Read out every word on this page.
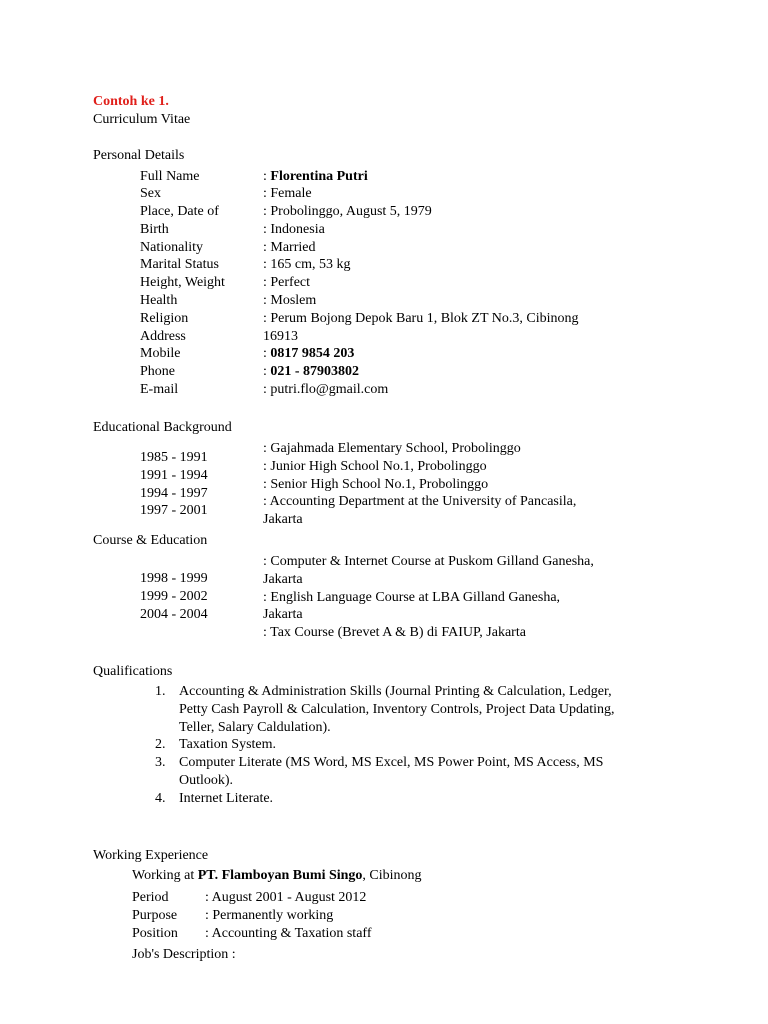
Contoh ke 1.
Curriculum Vitae
Personal Details
Full Name
Sex
Place, Date of
Birth
Nationality
Marital Status
Height, Weight
Health
Religion
Address
Mobile
Phone
E-mail
: Florentina Putri
: Female
: Probolinggo, August 5, 1979
: Indonesia
: Married
: 165 cm, 53 kg
: Perfect
: Moslem
: Perum Bojong Depok Baru 1, Blok ZT No.3, Cibinong
16913
: 0817 9854 203
: 021 - 87903802
: putri.flo@gmail.com
Educational Background
1985 - 1991
1991 - 1994
1994 - 1997
1997 - 2001
: Gajahmada Elementary School, Probolinggo
: Junior High School No.1, Probolinggo
: Senior High School No.1, Probolinggo
: Accounting Department at the University of Pancasila,
Jakarta
Course & Education
1998 - 1999
1999 - 2002
2004 - 2004
: Computer & Internet Course at Puskom Gilland Ganesha,
Jakarta
: English Language Course at LBA Gilland Ganesha,
Jakarta
: Tax Course (Brevet A & B) di FAIUP, Jakarta
Qualifications
1. Accounting & Administration Skills (Journal Printing & Calculation, Ledger, Petty Cash Payroll & Calculation, Inventory Controls, Project Data Updating, Teller, Salary Caldulation).
2. Taxation System.
3. Computer Literate (MS Word, MS Excel, MS Power Point, MS Access, MS Outlook).
4. Internet Literate.
Working Experience
Working at PT. Flamboyan Bumi Singo, Cibinong
Period
Purpose
Position
: August 2001 - August 2012
: Permanently working
: Accounting & Taxation staff
Job's Description :
